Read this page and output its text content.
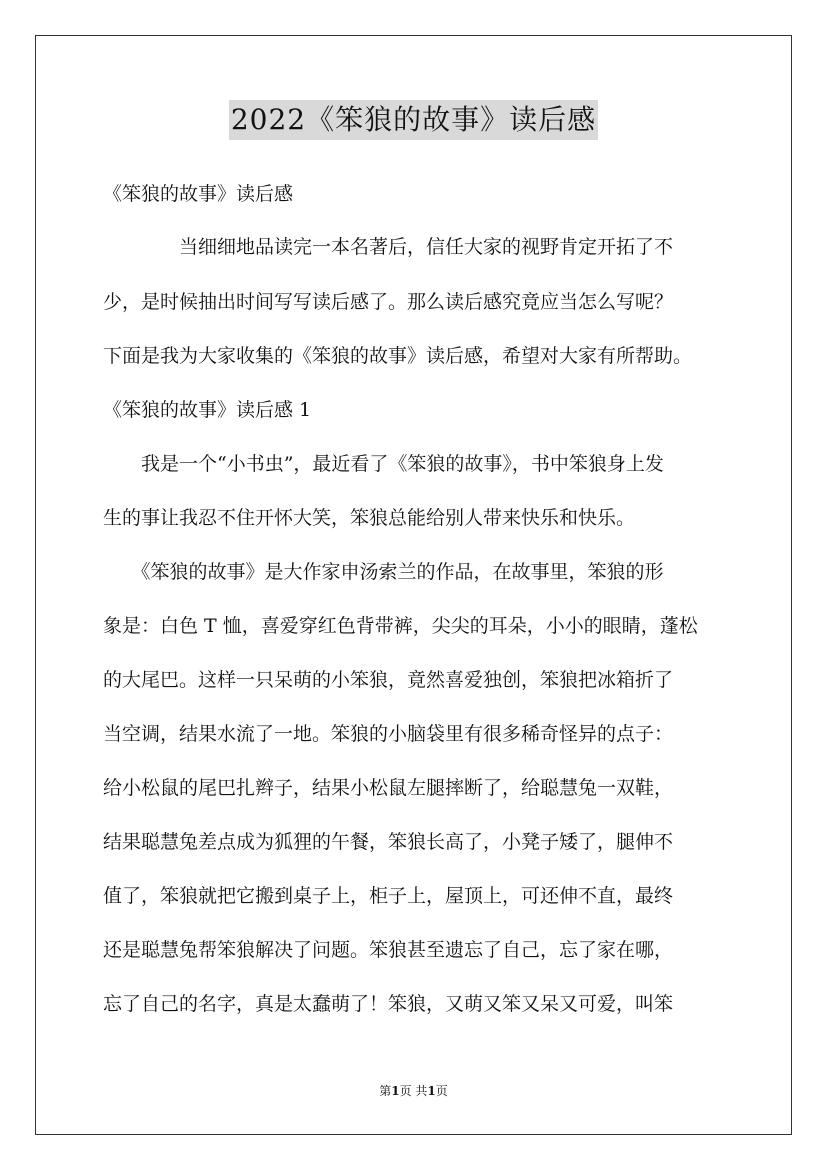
2022《笨狼的故事》读后感
《笨狼的故事》读后感
　　　　当细细地品读完一本名著后，信任大家的视野肯定开拓了不
少，是时候抽出时间写写读后感了。那么读后感究竟应当怎么写呢？
下面是我为大家收集的《笨狼的故事》读后感，希望对大家有所帮助。
《笨狼的故事》读后感 1
　　我是一个“小书虫”，最近看了《笨狼的故事》，书中笨狼身上发
生的事让我忍不住开怀大笑，笨狼总能给别人带来快乐和快乐。
　　《笨狼的故事》是大作家申汤索兰的作品，在故事里，笨狼的形
象是：白色 T 恤，喜爱穿红色背带裤，尖尖的耳朵，小小的眼睛，蓬松
的大尾巴。这样一只呆萌的小笨狼，竟然喜爱独创，笨狼把冰箱折了
当空调，结果水流了一地。笨狼的小脑袋里有很多稀奇怪异的点子：
给小松鼠的尾巴扎辫子，结果小松鼠左腿摔断了，给聪慧兔一双鞋，
结果聪慧兔差点成为狐狸的午餐，笨狼长高了，小凳子矮了，腿伸不
值了，笨狼就把它搬到桌子上，柜子上，屋顶上，可还伸不直，最终
还是聪慧兔帮笨狼解决了问题。笨狼甚至遗忘了自己，忘了家在哪，
忘了自己的名字，真是太蠢萌了！笨狼，又萌又笨又呆又可爱，叫笨
第1页 共1页
